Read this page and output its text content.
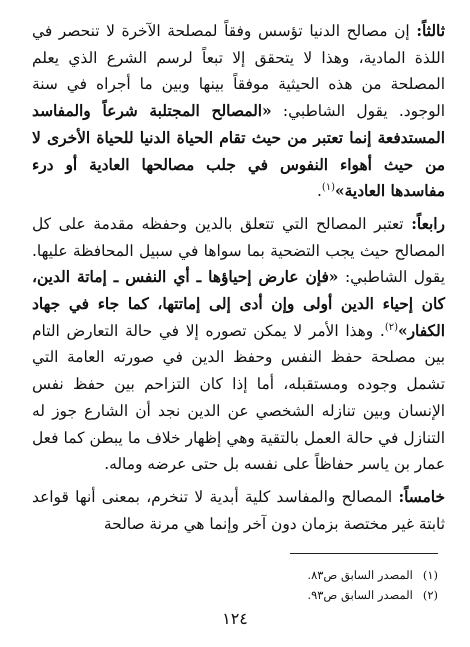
ثالثاً: إن مصالح الدنيا تؤسس وفقاً لمصلحة الآخرة لا تنحصر في اللذة المادية، وهذا لا يتحقق إلا تبعاً لرسم الشرع الذي يعلم المصلحة من هذه الحيثية موفقاً بينها وبين ما أجراه في سنة الوجود. يقول الشاطبي: «المصالح المجتلبة شرعاً والمفاسد المستدفعة إنما تعتبر من حيث تقام الحياة الدنيا للحياة الأخرى لا من حيث أهواء النفوس في جلب مصالحها العادية أو درء مفاسدها العادية»$^{(١)}$.

رابعاً: تعتبر المصالح التي تتعلق بالدين وحفظه مقدمة على كل المصالح حيث يجب التضحية بما سواها في سبيل المحافظة عليها. يقول الشاطبي: «فإن عارض إحياؤها ـ أي النفس ـ إماتة الدين، كان إحياء الدين أولى وإن أدى إلى إماتتها، كما جاء في جهاد الكفار»$^{(٢)}$. وهذا الأمر لا يمكن تصوره إلا في حالة التعارض التام بين مصلحة حفظ النفس وحفظ الدين في صورته العامة التي تشمل وجوده ومستقبله، أما إذا كان التزاحم بين حفظ نفس الإنسان وبين تنازله الشخصي عن الدين نجد أن الشارع جوز له التنازل في حالة العمل بالتقية وهي إظهار خلاف ما يبطن كما فعل عمار بن ياسر حفاظاً على نفسه بل حتى عرضه وماله.

خامساً: المصالح والمفاسد كلية أبدية لا تنخرم، بمعنى أنها قواعد ثابتة غير مختصة بزمان دون آخر وإنما هي مرنة صالحة

(١)المصدر السابق ص٨٣.
(٢)المصدر السابق ص٩٣.
١٢٤
